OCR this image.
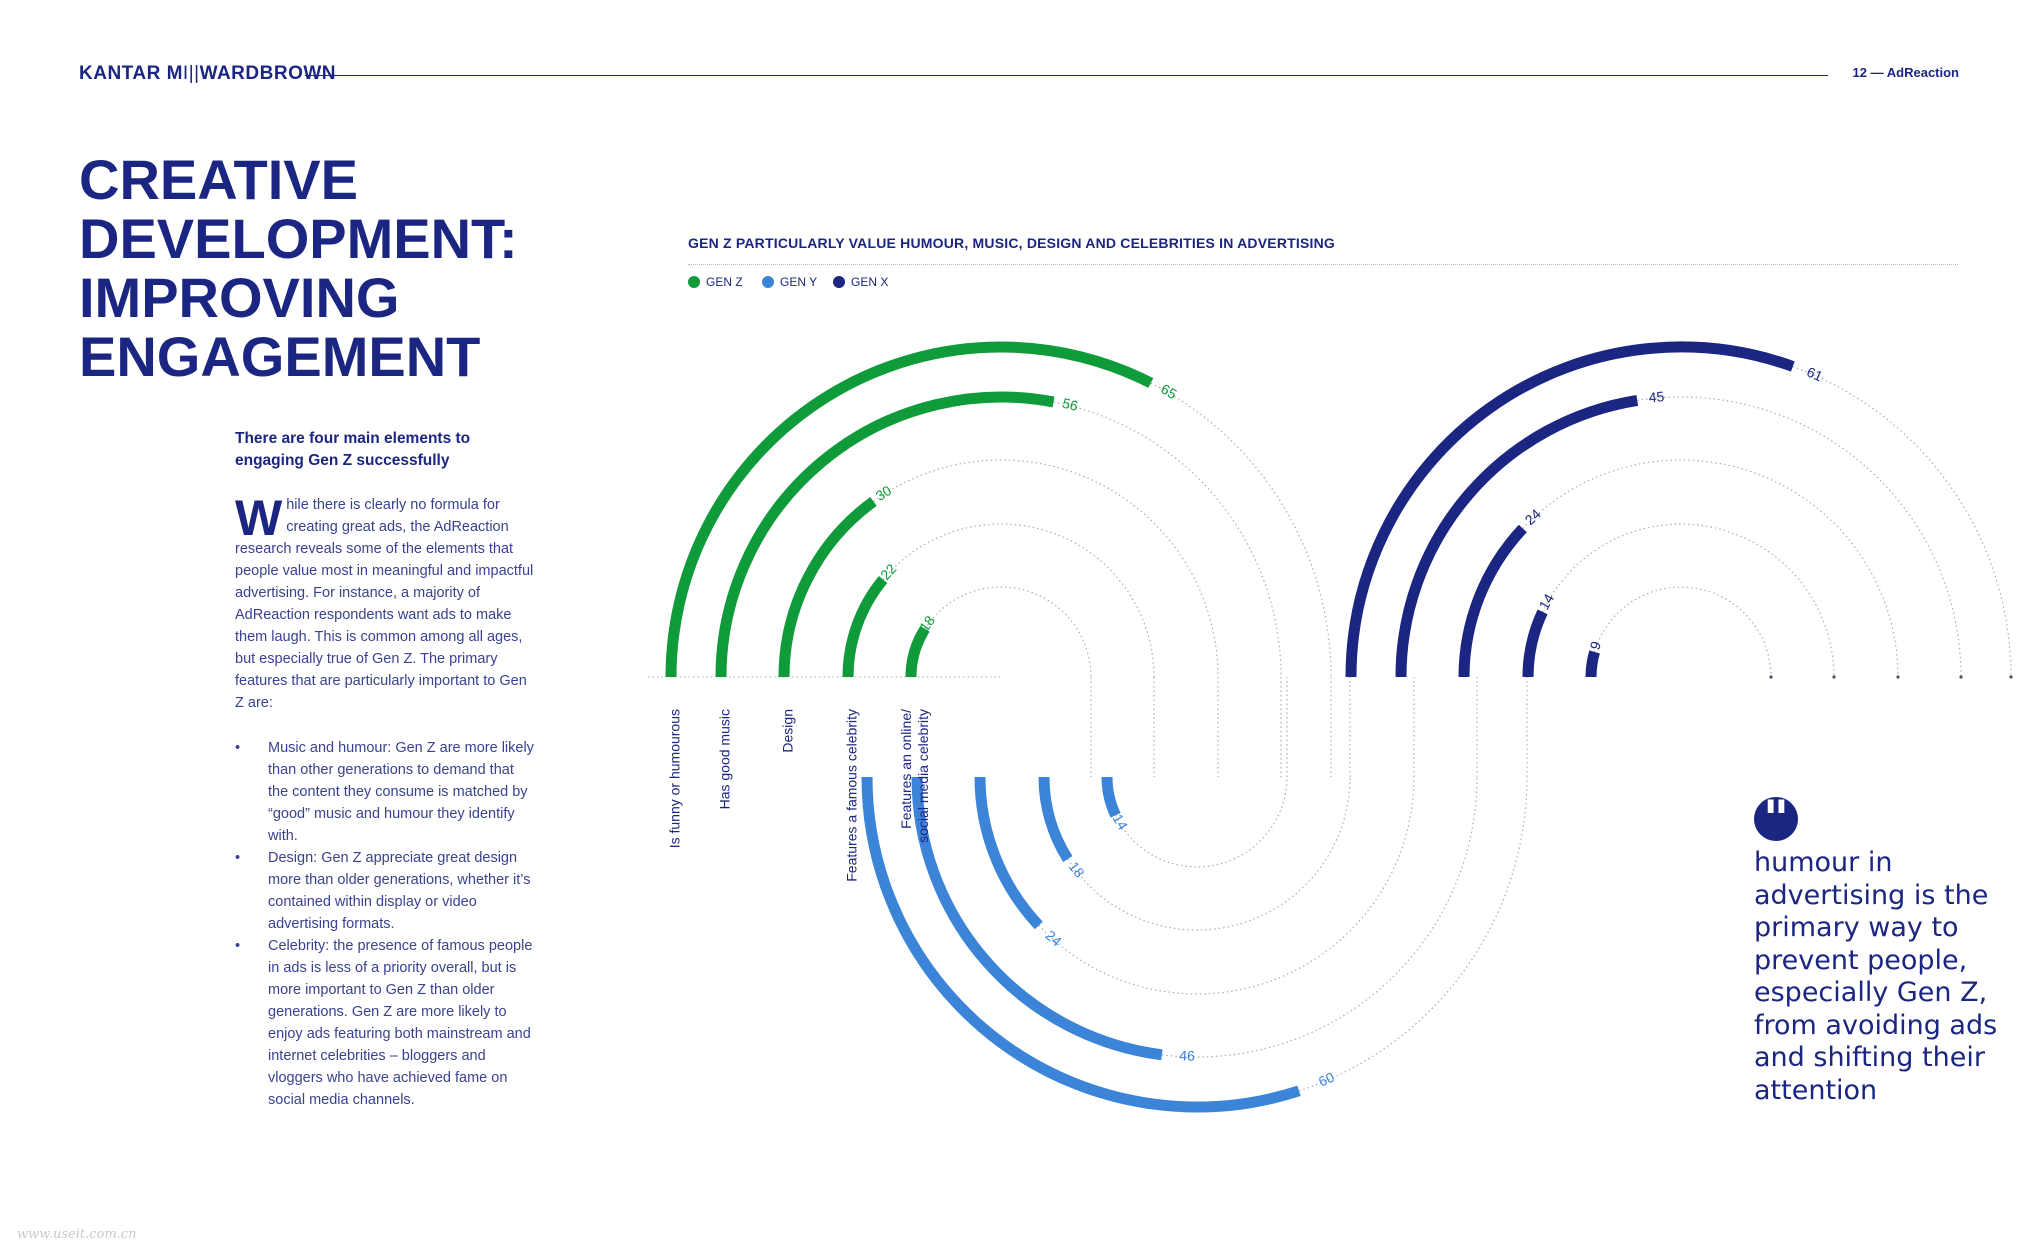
KANTAR MI||WARDBROWN	12 — AdReaction
CREATIVE
DEVELOPMENT:
IMPROVING
ENGAGEMENT
There are four main elements to engaging Gen Z successfully
While there is clearly no formula for creating great ads, the AdReaction research reveals some of the elements that people value most in meaningful and impactful advertising. For instance, a majority of AdReaction respondents want ads to make them laugh. This is common among all ages, but especially true of Gen Z. The primary features that are particularly important to Gen Z are:
• Music and humour: Gen Z are more likely than other generations to demand that the content they consume is matched by “good” music and humour they identify with.
• Design: Gen Z appreciate great design more than older generations, whether it’s contained within display or video advertising formats.
• Celebrity: the presence of famous people in ads is less of a priority overall, but is more important to Gen Z than older generations. Gen Z are more likely to enjoy ads featuring both mainstream and internet celebrities – bloggers and vloggers who have achieved fame on social media channels.
GEN Z PARTICULARLY VALUE HUMOUR, MUSIC, DESIGN AND CELEBRITIES IN ADVERTISING
GEN Z	GEN Y	GEN X
65
60
61
Is funny or humourous
56
46
45
Has good music
30
24
24
Design
22
18
14
Features a famous celebrity
18
14
9
Features an online/ social media celebrity	"
humour in advertising is the primary way to prevent people, especially Gen Z, from avoiding ads and shifting their attention
www.useit.com.cn
